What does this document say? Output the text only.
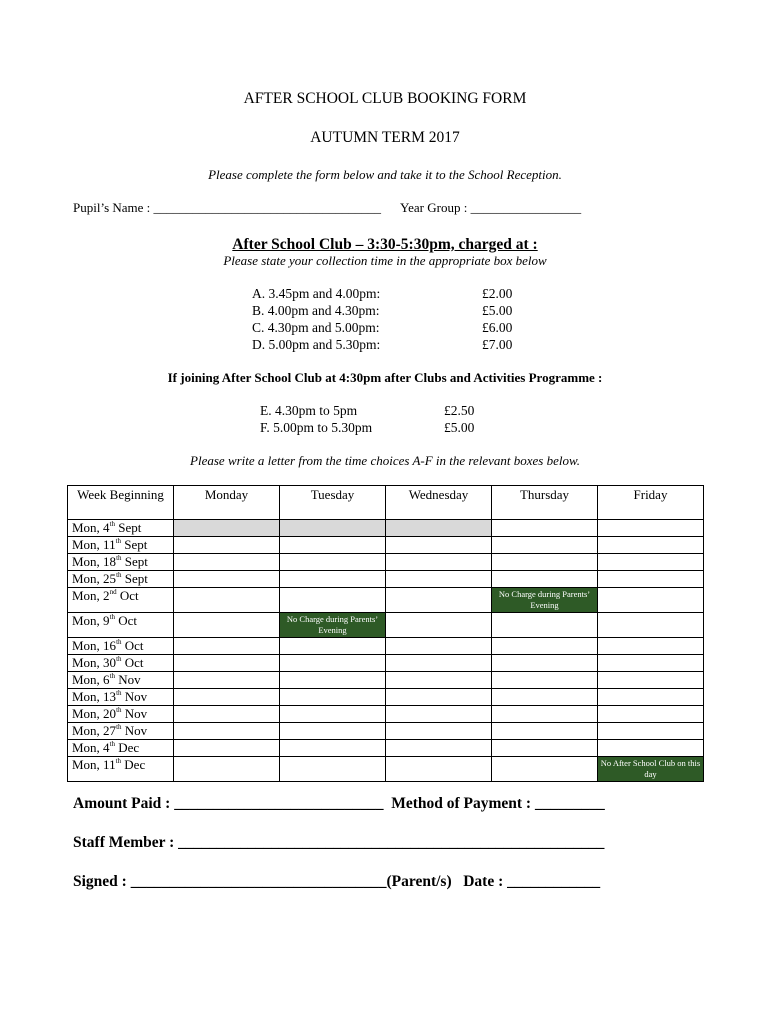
AFTER SCHOOL CLUB BOOKING FORM
AUTUMN TERM 2017
Please complete the form below and take it to the School Reception.
Pupil’s Name : ___________________________________      Year Group : _________________
After School Club – 3:30-5:30pm, charged at :
Please state your collection time in the appropriate box below
A. 3.45pm and 4.00pm:	£2.00
B. 4.00pm and 4.30pm:	£5.00
C. 4.30pm and 5.00pm:	£6.00
D. 5.00pm and 5.30pm:	£7.00
If joining After School Club at 4:30pm after Clubs and Activities Programme :
E. 4.30pm to 5pm	£2.50
F. 5.00pm to 5.30pm	£5.00
Please write a letter from the time choices A-F in the relevant boxes below.
Week Beginning	Monday	Tuesday	Wednesday	Thursday	Friday
Mon, 4th Sept					
Mon, 11th Sept					
Mon, 18th Sept					
Mon, 25th Sept					
Mon, 2nd Oct				No Charge during Parents’ Evening	
Mon, 9th Oct		No Charge during Parents’ Evening			
Mon, 16th Oct					
Mon, 30th Oct					
Mon, 6th Nov					
Mon, 13th Nov					
Mon, 20th Nov					
Mon, 27th Nov					
Mon, 4th Dec					
Mon, 11th Dec					No After School Club on this day
Amount Paid : ___________________________  Method of Payment : _________
Staff Member : _______________________________________________________
Signed : _________________________________(Parent/s)   Date : ____________
